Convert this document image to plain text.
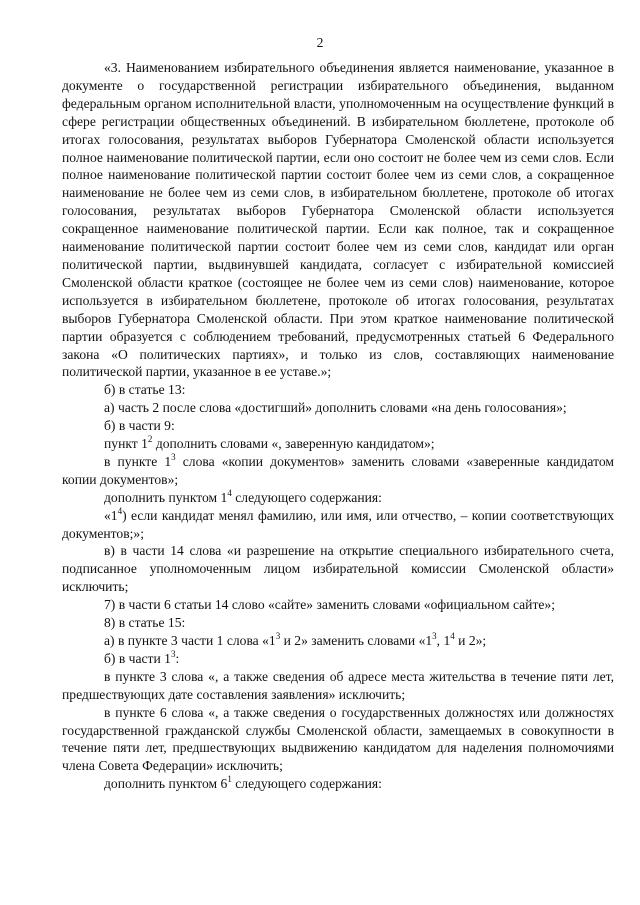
2

«3. Наименованием избирательного объединения является наименование, указанное в документе о государственной регистрации избирательного объединения, выданном федеральным органом исполнительной власти, уполномоченным на осуществление функций в сфере регистрации общественных объединений. В избирательном бюллетене, протоколе об итогах голосования, результатах выборов Губернатора Смоленской области используется полное наименование политической партии, если оно состоит не более чем из семи слов. Если полное наименование политической партии состоит более чем из семи слов, а сокращенное наименование не более чем из семи слов, в избирательном бюллетене, протоколе об итогах голосования, результатах выборов Губернатора Смоленской области используется сокращенное наименование политической партии. Если как полное, так и сокращенное наименование политической партии состоит более чем из семи слов, кандидат или орган политической партии, выдвинувшей кандидата, согласует с избирательной комиссией Смоленской области краткое (состоящее не более чем из семи слов) наименование, которое используется в избирательном бюллетене, протоколе об итогах голосования, результатах выборов Губернатора Смоленской области. При этом краткое наименование политической партии образуется с соблюдением требований, предусмотренных статьей 6 Федерального закона «О политических партиях», и только из слов, составляющих наименование политической партии, указанное в ее уставе.»;

б) в статье 13:

а) часть 2 после слова «достигший» дополнить словами «на день голосования»;

б) в части 9:

пункт $1^2$ дополнить словами «, заверенную кандидатом»;

в пункте $1^3$ слова «копии документов» заменить словами «заверенные кандидатом копии документов»;

дополнить пунктом $1^4$ следующего содержания:

«$1^4$) если кандидат менял фамилию, или имя, или отчество, – копии соответствующих документов;»;

в) в части 14 слова «и разрешение на открытие специального избирательного счета, подписанное уполномоченным лицом избирательной комиссии Смоленской области» исключить;

7) в части 6 статьи 14 слово «сайте» заменить словами «официальном сайте»;

8) в статье 15:

а) в пункте 3 части 1 слова «$1^3$ и 2» заменить словами «$1^3$, $1^4$ и 2»;

б) в части $1^3$:

в пункте 3 слова «, а также сведения об адресе места жительства в течение пяти лет, предшествующих дате составления заявления» исключить;

в пункте 6 слова «, а также сведения о государственных должностях или должностях государственной гражданской службы Смоленской области, замещаемых в совокупности в течение пяти лет, предшествующих выдвижению кандидатом для наделения полномочиями члена Совета Федерации» исключить;

дополнить пунктом $6^1$ следующего содержания:
